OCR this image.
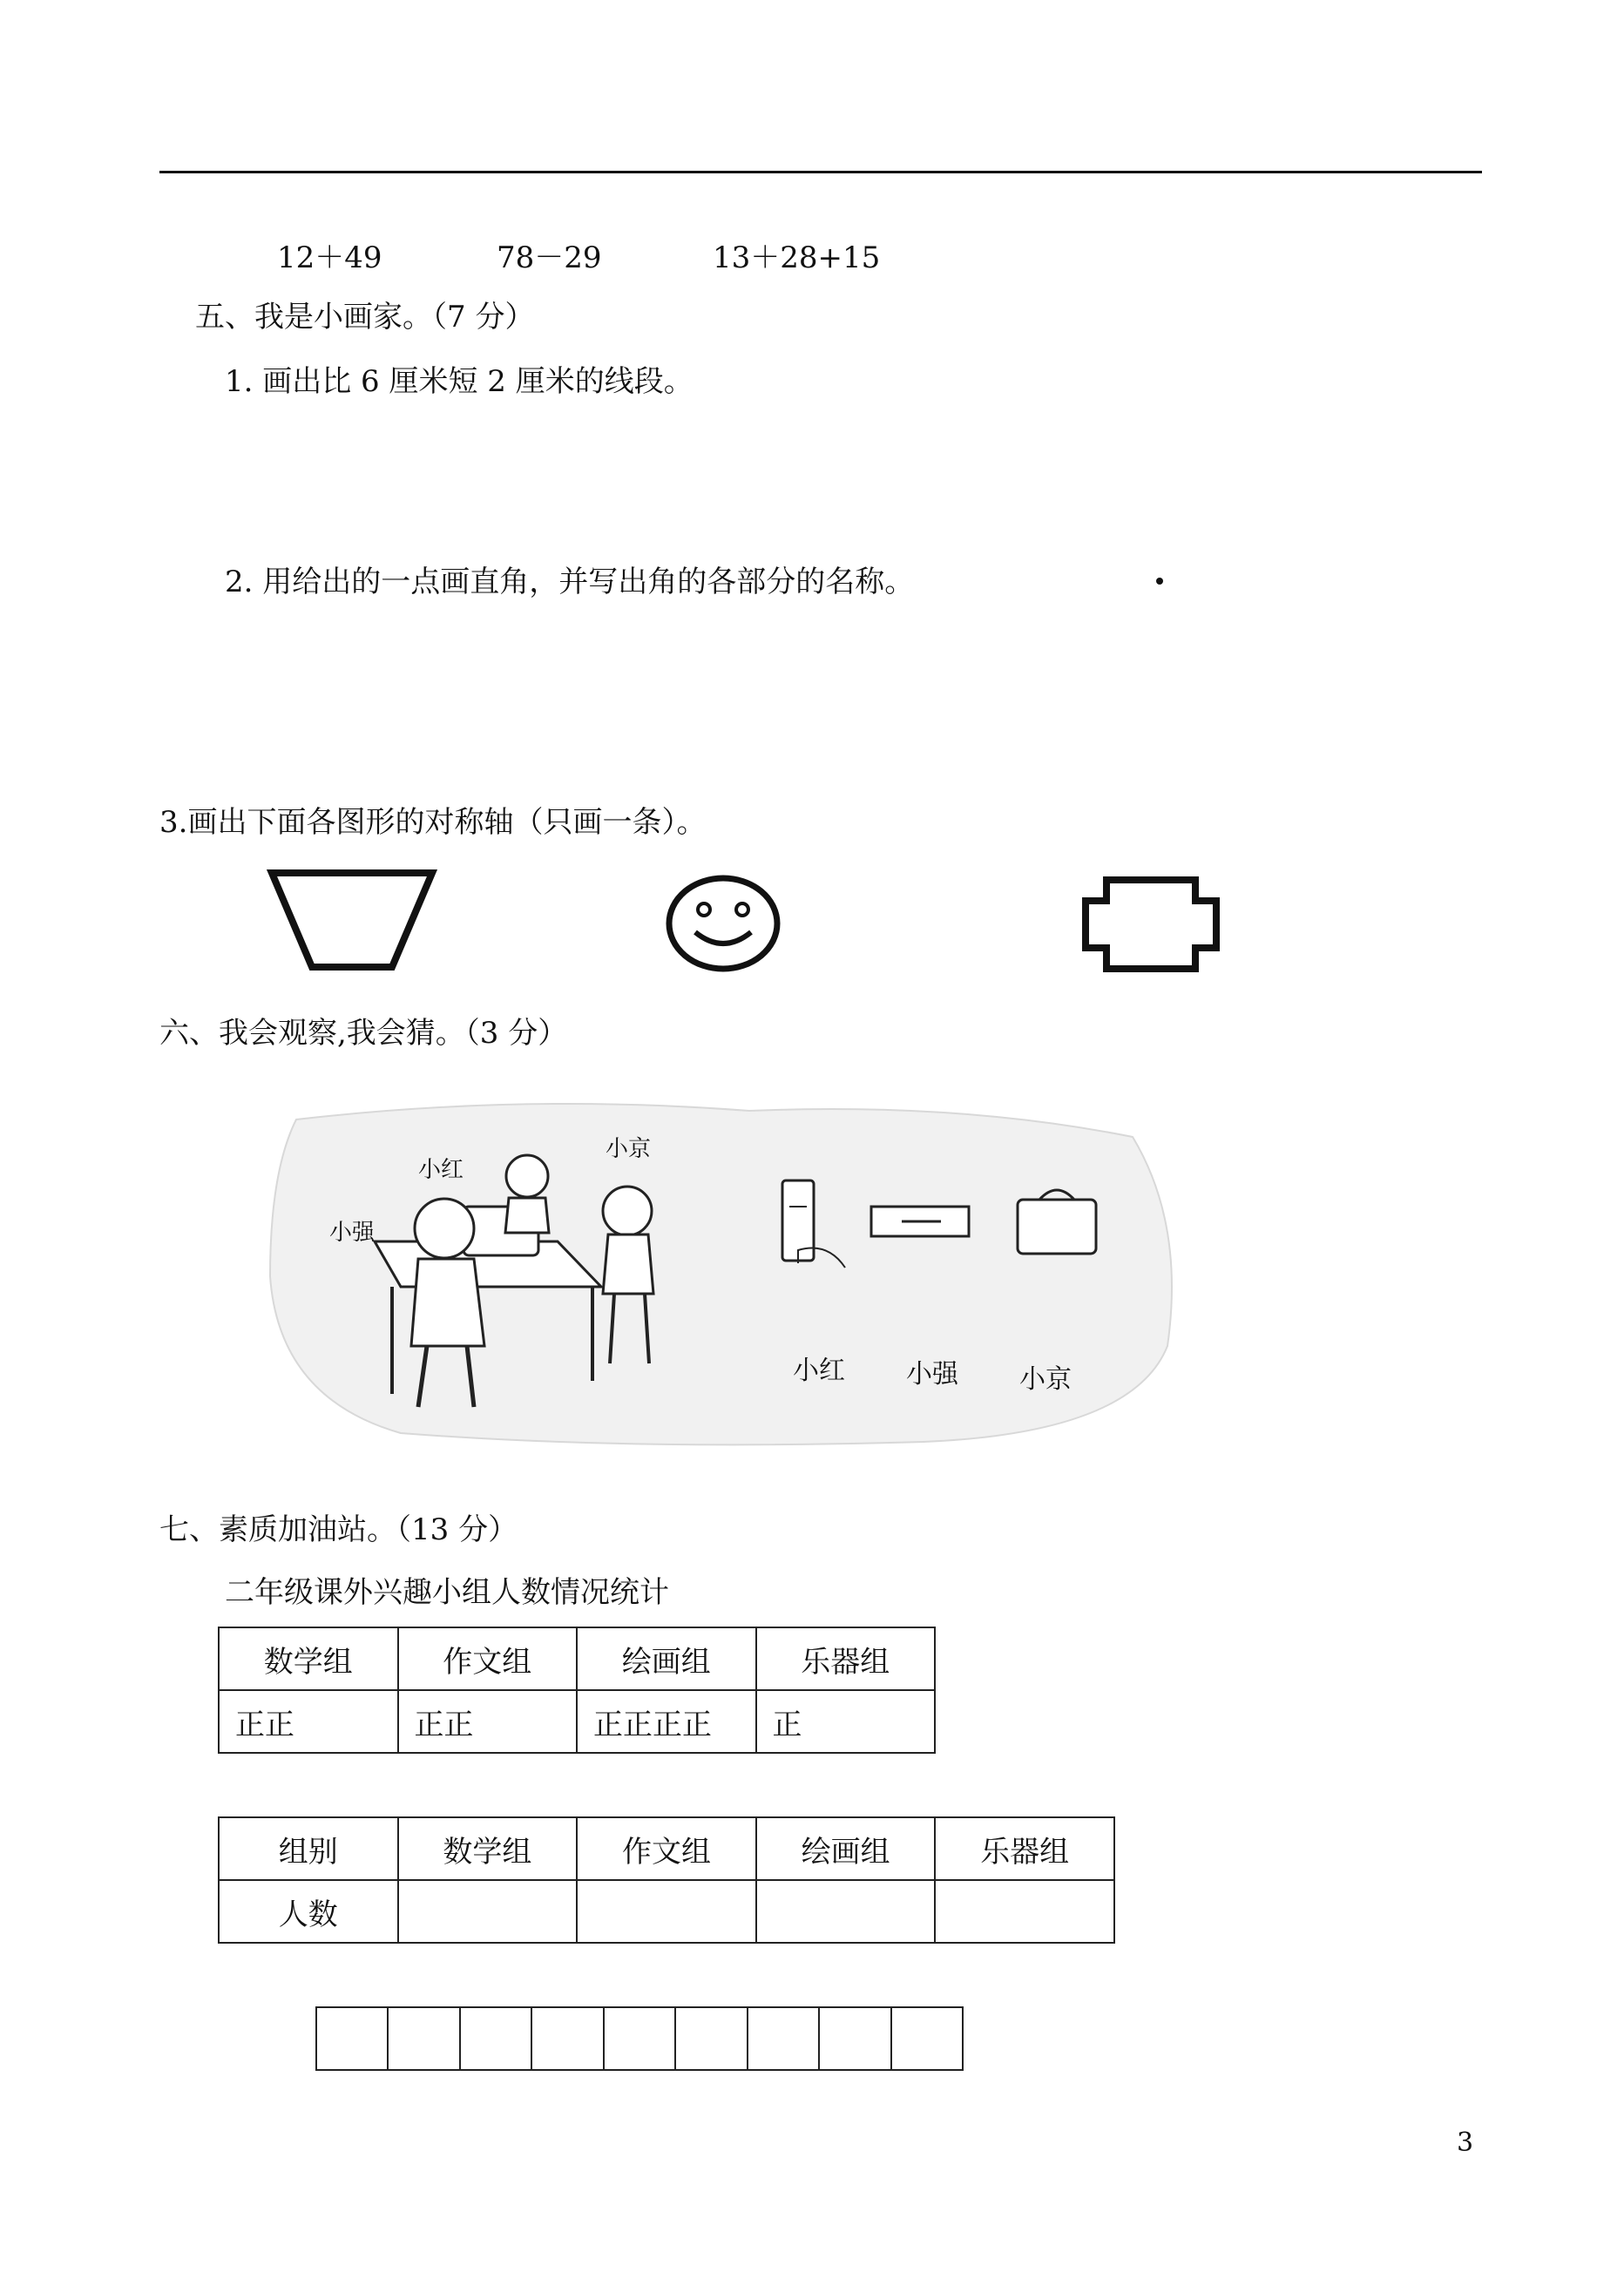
12＋49	78－29	13＋28+15
五、我是小画家。（7 分）
1. 画出比 6 厘米短 2 厘米的线段。
2. 用给出的一点画直角，并写出角的各部分的名称。
3.画出下面各图形的对称轴（只画一条）。
六、我会观察,我会猜。（3 分）
小红
小京
小强
小红 小强 小京
七、素质加油站。（13 分）
二年级课外兴趣小组人数情况统计
数学组	作文组	绘画组	乐器组
正正	正正	正正正正	正
组别	数学组	作文组	绘画组	乐器组
人数				

3
